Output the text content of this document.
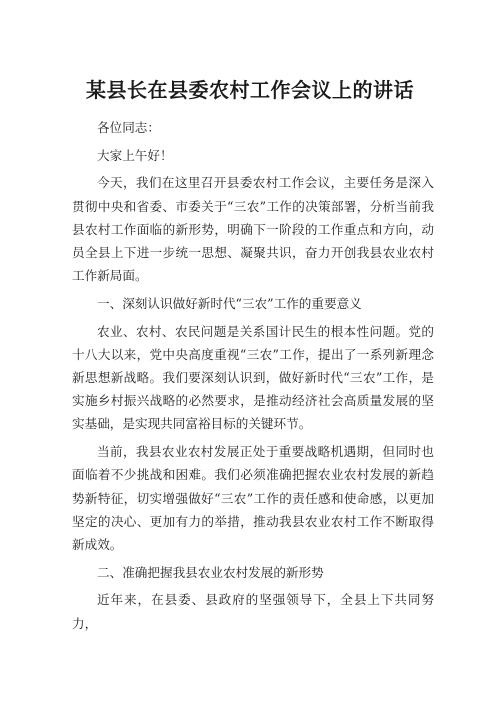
某县长在县委农村工作会议上的讲话

各位同志：

大家上午好！

今天，我们在这里召开县委农村工作会议，主要任务是深入贯彻中央和省委、市委关于“三农”工作的决策部署，分析当前我县农村工作面临的新形势，明确下一阶段的工作重点和方向，动员全县上下进一步统一思想、凝聚共识，奋力开创我县农业农村工作新局面。

一、深刻认识做好新时代“三农”工作的重要意义

农业、农村、农民问题是关系国计民生的根本性问题。党的十八大以来，党中央高度重视“三农”工作，提出了一系列新理念新思想新战略。我们要深刻认识到，做好新时代“三农”工作，是实施乡村振兴战略的必然要求，是推动经济社会高质量发展的坚实基础，是实现共同富裕目标的关键环节。

当前，我县农业农村发展正处于重要战略机遇期，但同时也面临着不少挑战和困难。我们必须准确把握农业农村发展的新趋势新特征，切实增强做好“三农”工作的责任感和使命感，以更加坚定的决心、更加有力的举措，推动我县农业农村工作不断取得新成效。

二、准确把握我县农业农村发展的新形势

近年来，在县委、县政府的坚强领导下，全县上下共同努力，
